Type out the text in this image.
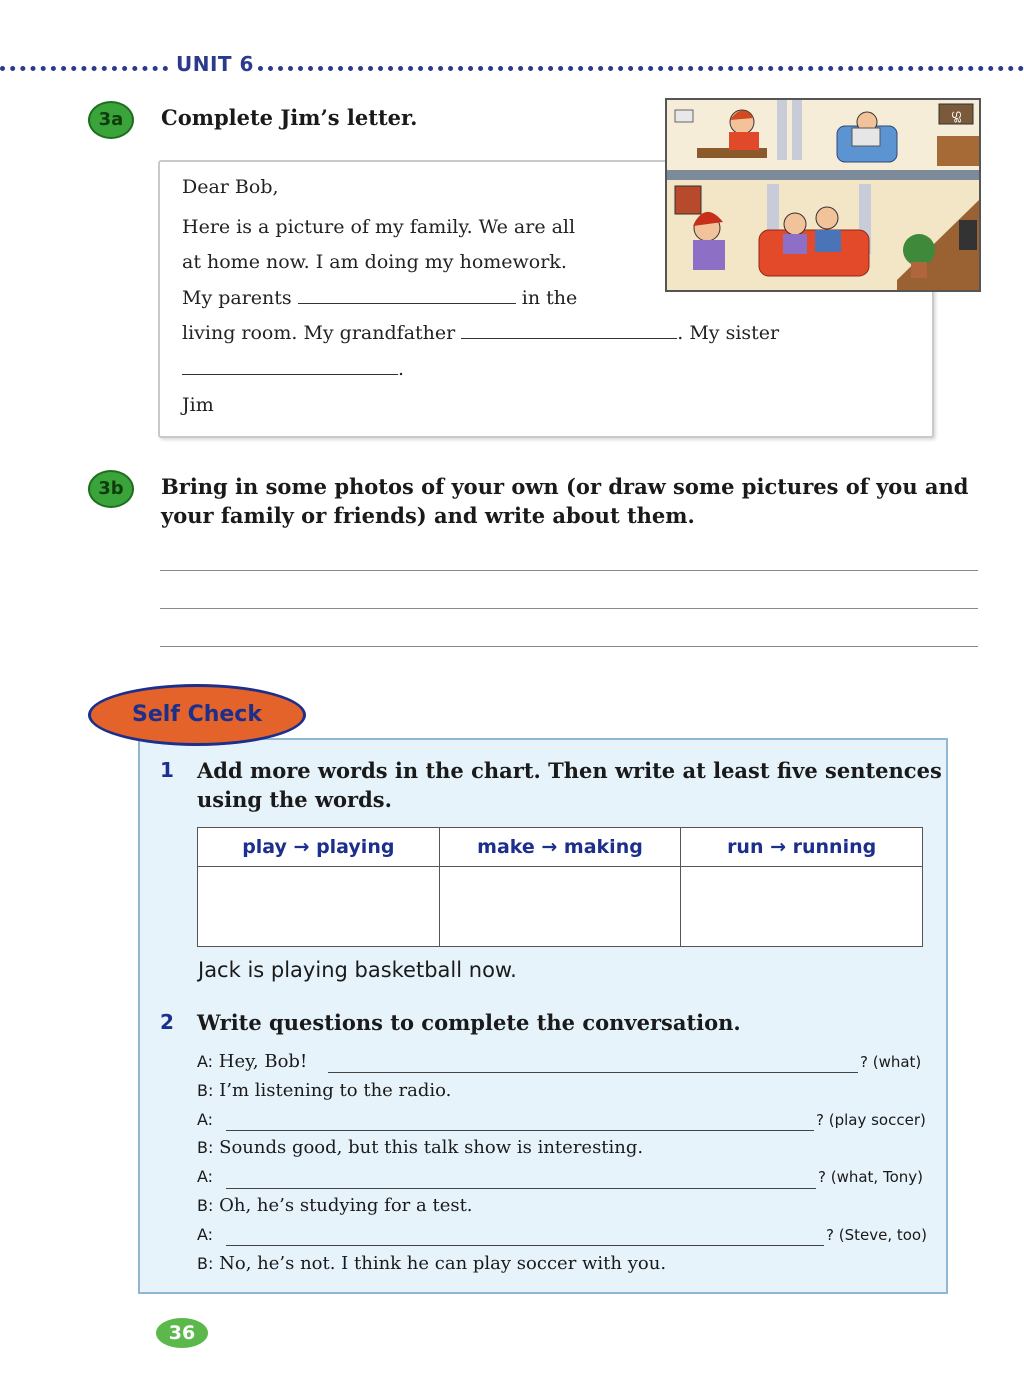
UNIT 6
3a	Complete Jim’s letter.
Dear Bob,
Here is a picture of my family. We are all
at home now. I am doing my homework.
My parents	in the
living room. My grandfather	. My sister
.
Jim
ഗ്ല
3b	Bring in some photos of your own (or draw some pictures of you and
your family or friends) and write about them.
Self Check
1 Add more words in the chart. Then write at least five sentences
using the words.
play → playing	make → making	run → running

Jack is playing basketball now.
2 Write questions to complete the conversation.
A: Hey, Bob!	? (what)
B: I’m listening to the radio.
A:	? (play soccer)
B: Sounds good, but this talk show is interesting.
A:	? (what, Tony)
B: Oh, he’s studying for a test.
A:	? (Steve, too)
B: No, he’s not. I think he can play soccer with you.
36
